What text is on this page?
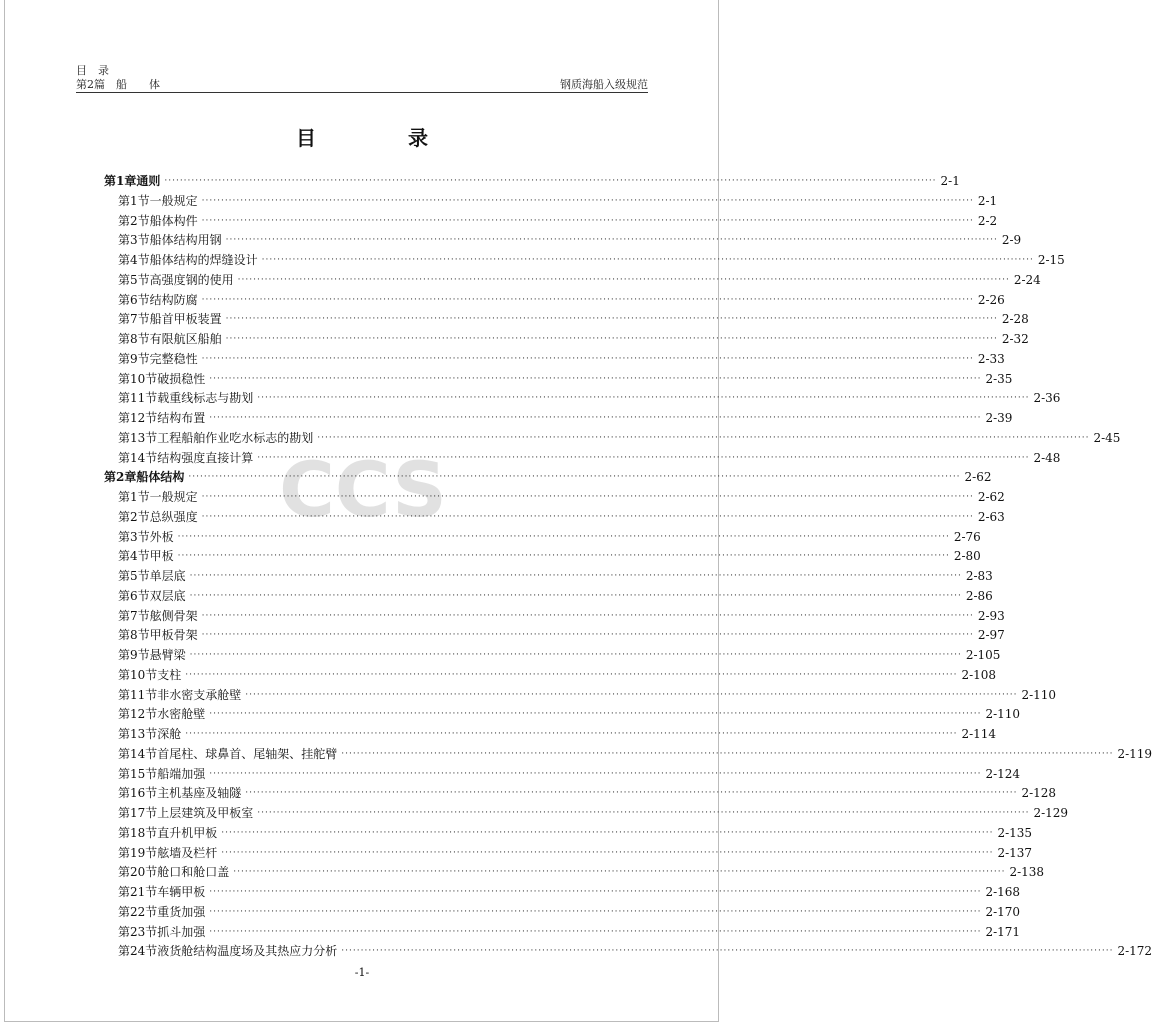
目　录
第2篇　船　　体	钢质海船入级规范
目　录
CCS
第1章 通则 ········································································································································································································ 2-1
第1节 一般规定 ········································································································································································································ 2-1
第2节 船体构件 ········································································································································································································ 2-2
第3节 船体结构用钢 ········································································································································································································ 2-9
第4节 船体结构的焊缝设计 ········································································································································································································ 2-15
第5节 高强度钢的使用 ········································································································································································································ 2-24
第6节 结构防腐 ········································································································································································································ 2-26
第7节 船首甲板装置 ········································································································································································································ 2-28
第8节 有限航区船舶 ········································································································································································································ 2-32
第9节 完整稳性 ········································································································································································································ 2-33
第10节 破损稳性 ········································································································································································································ 2-35
第11节 载重线标志与勘划 ········································································································································································································ 2-36
第12节 结构布置 ········································································································································································································ 2-39
第13节 工程船舶作业吃水标志的勘划 ········································································································································································································ 2-45
第14节 结构强度直接计算 ········································································································································································································ 2-48
第2章 船体结构 ········································································································································································································ 2-62
第1节 一般规定 ········································································································································································································ 2-62
第2节 总纵强度 ········································································································································································································ 2-63
第3节 外板 ········································································································································································································ 2-76
第4节 甲板 ········································································································································································································ 2-80
第5节 单层底 ········································································································································································································ 2-83
第6节 双层底 ········································································································································································································ 2-86
第7节 舷侧骨架 ········································································································································································································ 2-93
第8节 甲板骨架 ········································································································································································································ 2-97
第9节 悬臂梁 ········································································································································································································ 2-105
第10节 支柱 ········································································································································································································ 2-108
第11节 非水密支承舱壁 ········································································································································································································ 2-110
第12节 水密舱壁 ········································································································································································································ 2-110
第13节 深舱 ········································································································································································································ 2-114
第14节 首尾柱、球鼻首、尾轴架、挂舵臂 ········································································································································································································ 2-119
第15节 船端加强 ········································································································································································································ 2-124
第16节 主机基座及轴隧 ········································································································································································································ 2-128
第17节 上层建筑及甲板室 ········································································································································································································ 2-129
第18节 直升机甲板 ········································································································································································································ 2-135
第19节 舷墙及栏杆 ········································································································································································································ 2-137
第20节 舱口和舱口盖 ········································································································································································································ 2-138
第21节 车辆甲板 ········································································································································································································ 2-168
第22节 重货加强 ········································································································································································································ 2-170
第23节 抓斗加强 ········································································································································································································ 2-171
第24节 液货舱结构温度场及其热应力分析 ········································································································································································································ 2-172
-1-
